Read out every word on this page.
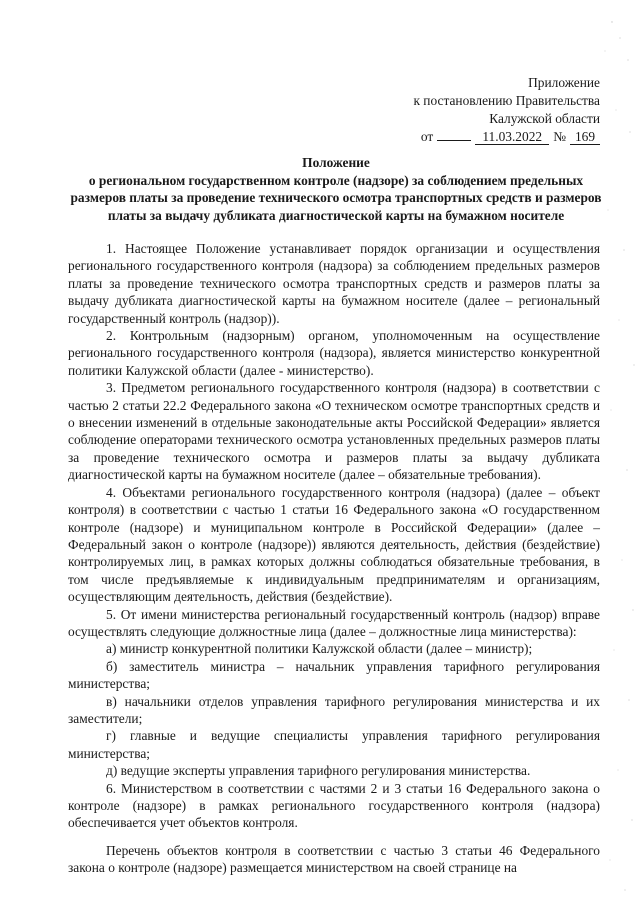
Приложение
к постановлению Правительства
Калужской области
от	11.03.2022 № 169
Положение
о региональном государственном контроле (надзоре) за соблюдением предельных размеров платы за проведение технического осмотра транспортных средств и размеров платы за выдачу дубликата диагностической карты на бумажном носителе

1. Настоящее Положение устанавливает порядок организации и осуществления регионального государственного контроля (надзора) за соблюдением предельных размеров платы за проведение технического осмотра транспортных средств и размеров платы за выдачу дубликата диагностической карты на бумажном носителе (далее – региональный государственный контроль (надзор)).

2. Контрольным (надзорным) органом, уполномоченным на осуществление регионального государственного контроля (надзора), является министерство конкурентной политики Калужской области (далее - министерство).

3. Предметом регионального государственного контроля (надзора) в соответствии с частью 2 статьи 22.2 Федерального закона «О техническом осмотре транспортных средств и о внесении изменений в отдельные законодательные акты Российской Федерации» является соблюдение операторами технического осмотра установленных предельных размеров платы за проведение технического осмотра и размеров платы за выдачу дубликата диагностической карты на бумажном носителе (далее – обязательные требования).

4. Объектами регионального государственного контроля (надзора) (далее – объект контроля) в соответствии с частью 1 статьи 16 Федерального закона «О государственном контроле (надзоре) и муниципальном контроле в Российской Федерации» (далее – Федеральный закон о контроле (надзоре)) являются деятельность, действия (бездействие) контролируемых лиц, в рамках которых должны соблюдаться обязательные требования, в том числе предъявляемые к индивидуальным предпринимателям и организациям, осуществляющим деятельность, действия (бездействие).

5. От имени министерства региональный государственный контроль (надзор) вправе осуществлять следующие должностные лица (далее – должностные лица министерства):

а) министр конкурентной политики Калужской области (далее – министр);

б) заместитель министра – начальник управления тарифного регулирования министерства;

в) начальники отделов управления тарифного регулирования министерства и их заместители;

г) главные и ведущие специалисты управления тарифного регулирования министерства;

д) ведущие эксперты управления тарифного регулирования министерства.

6. Министерством в соответствии с частями 2 и 3 статьи 16 Федерального закона о контроле (надзоре) в рамках регионального государственного контроля (надзора) обеспечивается учет объектов контроля.

Перечень объектов контроля в соответствии с частью 3 статьи 46 Федерального закона о контроле (надзоре) размещается министерством на своей странице на
